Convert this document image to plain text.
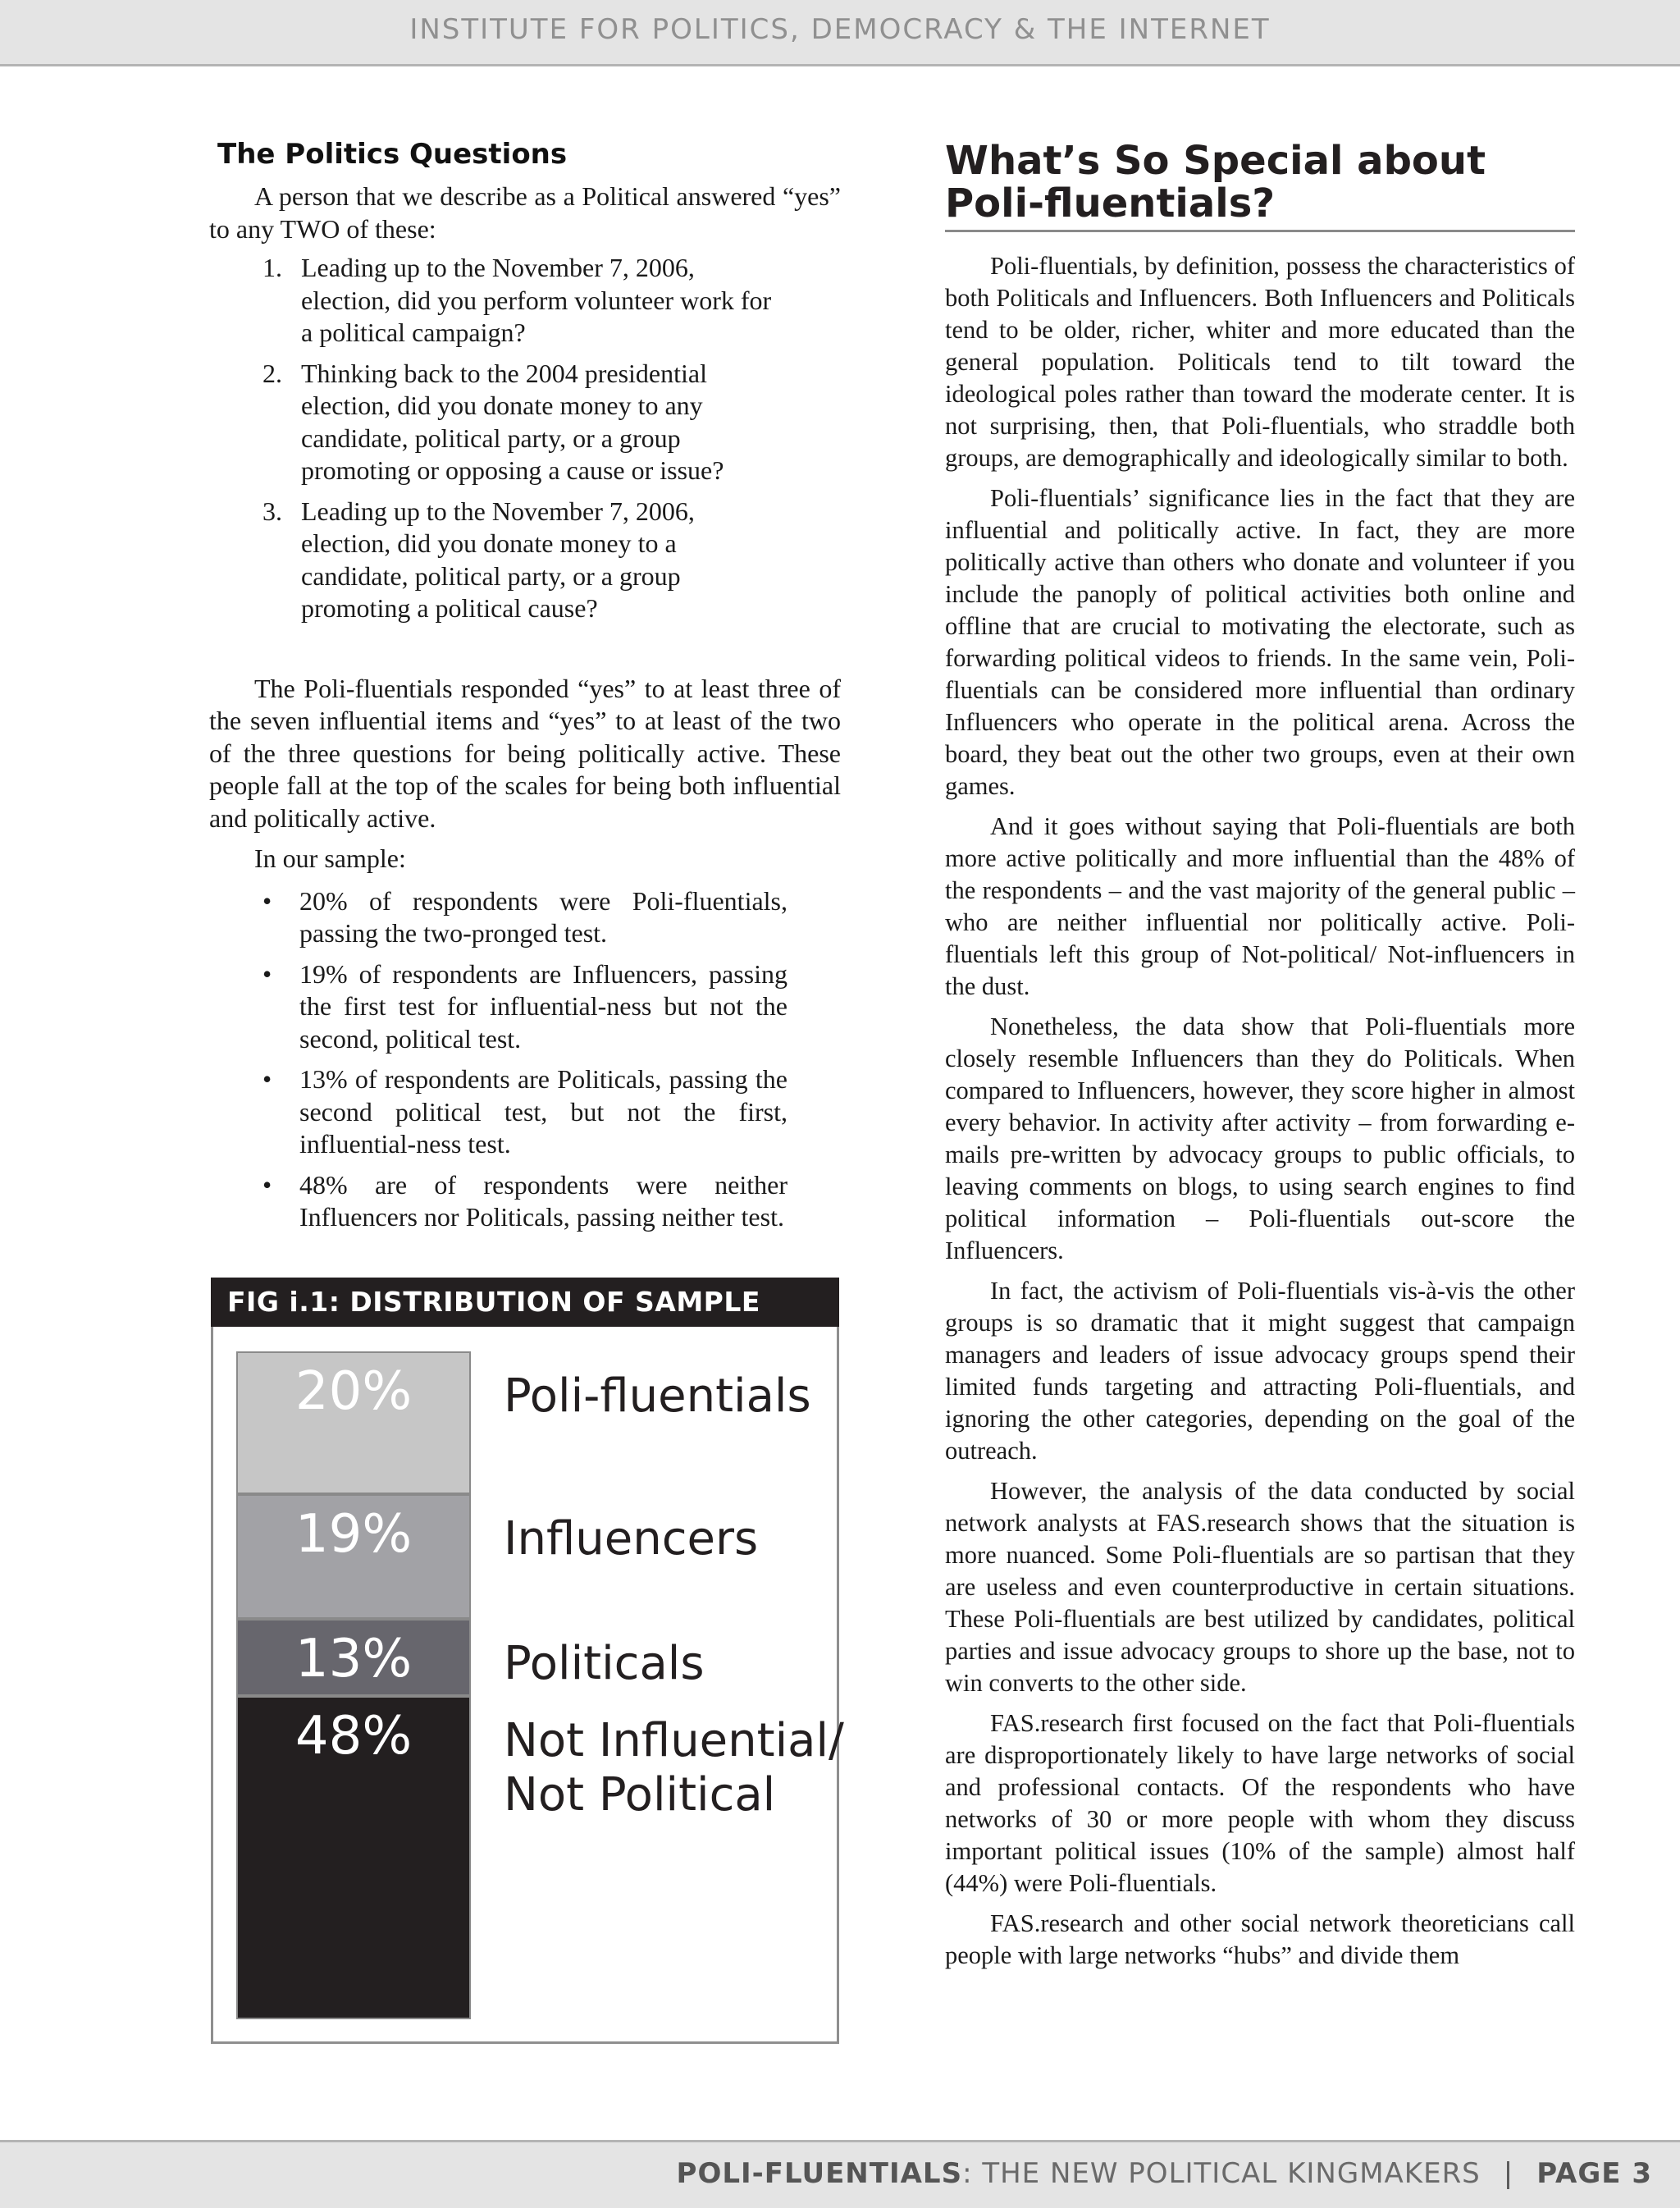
INSTITUTE FOR POLITICS, DEMOCRACY & THE INTERNET
The Politics Questions

A person that we describe as a Political answered “yes” to any TWO of these:

1. Leading up to the November 7, 2006, election, did you perform volunteer work for a political campaign?
2. Thinking back to the 2004 presidential election, did you donate money to any candidate, political party, or a group promoting or opposing a cause or issue?
3. Leading up to the November 7, 2006, election, did you donate money to a candidate, political party, or a group promoting a political cause?

The Poli-fluentials responded “yes” to at least three of the seven influential items and “yes” to at least of the two of the three questions for being politically active. These people fall at the top of the scales for being both influential and politically active.

In our sample:

• 20% of respondents were Poli-fluentials, passing the two-pronged test.
• 19% of respondents are Influencers, passing the first test for influential-ness but not the second, political test.
• 13% of respondents are Politicals, passing the second political test, but not the first, influential-ness test.
• 48% are of respondents were neither Influencers nor Politicals, passing neither test.
FIG i.1: DISTRIBUTION OF SAMPLE
What’s So Special about Poli-fluentials?

Poli-fluentials, by definition, possess the characteristics of both Politicals and Influencers. Both Influencers and Politicals tend to be older, richer, whiter and more educated than the general population. Politicals tend to tilt toward the ideological poles rather than toward the moderate center. It is not surprising, then, that Poli-fluentials, who straddle both groups, are demographically and ideologically similar to both.

Poli-fluentials’ significance lies in the fact that they are influential and politically active. In fact, they are more politically active than others who donate and volunteer if you include the panoply of political activities both online and offline that are crucial to motivating the electorate, such as forwarding political videos to friends. In the same vein, Poli-fluentials can be considered more influential than ordinary Influencers who operate in the political arena. Across the board, they beat out the other two groups, even at their own games.

And it goes without saying that Poli-fluentials are both more active politically and more influential than the 48% of the respondents – and the vast majority of the general public – who are neither influential nor politically active. Poli-fluentials left this group of Not-political/ Not-influencers in the dust.

Nonetheless, the data show that Poli-fluentials more closely resemble Influencers than they do Politicals. When compared to Influencers, however, they score higher in almost every behavior. In activity after activity – from forwarding e-mails pre-written by advocacy groups to public officials, to leaving comments on blogs, to using search engines to find political information – Poli-fluentials out-score the Influencers.

In fact, the activism of Poli-fluentials vis-à-vis the other groups is so dramatic that it might suggest that campaign managers and leaders of issue advocacy groups spend their limited funds targeting and attracting Poli-fluentials, and ignoring the other categories, depending on the goal of the outreach.

However, the analysis of the data conducted by social network analysts at FAS.research shows that the situation is more nuanced. Some Poli-fluentials are so partisan that they are useless and even counterproductive in certain situations. These Poli-fluentials are best utilized by candidates, political parties and issue advocacy groups to shore up the base, not to win converts to the other side.

FAS.research first focused on the fact that Poli-fluentials are disproportionately likely to have large networks of social and professional contacts. Of the respondents who have networks of 30 or more people with whom they discuss important political issues (10% of the sample) almost half (44%) were Poli-fluentials.

FAS.research and other social network theoreticians call people with large networks “hubs” and divide them

POLI-FLUENTIALS: THE NEW POLITICAL KINGMAKERS | PAGE 3
20%	Poli-fluentials
19%	Influencers
13%	Politicals
48%	Not Influential/
Not Political
